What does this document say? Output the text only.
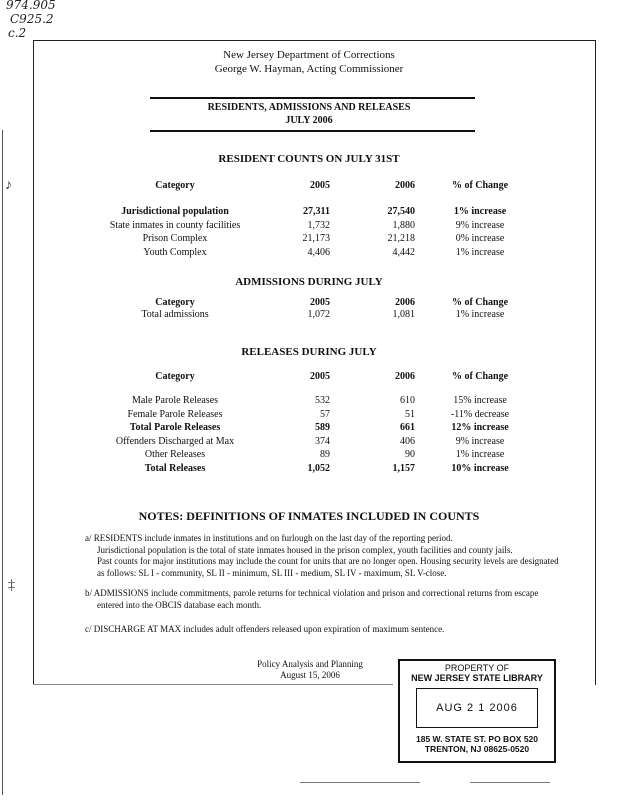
974.905
C925.2
c.2
♪
‡
New Jersey Department of Corrections
George W. Hayman, Acting Commissioner
RESIDENTS, ADMISSIONS AND RELEASES
JULY 2006
RESIDENT COUNTS ON JULY 31ST
Category	2005	2006	% of Change
Jurisdictional population	27,311	27,540	1% increase
State inmates in county facilities	1,732	1,880	9% increase
Prison Complex	21,173	21,218	0% increase
Youth Complex	4,406	4,442	1% increase
ADMISSIONS DURING JULY
Category	2005	2006	% of Change
Total admissions	1,072	1,081	1% increase
RELEASES DURING JULY
Category	2005	2006	% of Change
Male Parole Releases	532	610	15% increase
Female Parole Releases	57	51	-11% decrease
Total Parole Releases	589	661	12% increase
Offenders Discharged at Max	374	406	9% increase
Other Releases	89	90	1% increase
Total Releases	1,052	1,157	10% increase
NOTES: DEFINITIONS OF INMATES INCLUDED IN COUNTS
a/ RESIDENTS include inmates in institutions and on furlough on the last day of the reporting period.
Jurisdictional population is the total of state inmates housed in the prison complex, youth facilities and county jails.
Past counts for major institutions may include the count for units that are no longer open. Housing security levels are designated
as follows: SL I - community, SL II - minimum, SL III - medium, SL IV - maximum, SL V-close.
b/ ADMISSIONS include commitments, parole returns for technical violation and prison and correctional returns from escape
entered into the OBCIS database each month.
c/ DISCHARGE AT MAX includes adult offenders released upon expiration of maximum sentence.
Policy Analysis and Planning
August 15, 2006
PROPERTY OF
NEW JERSEY STATE LIBRARY
AUG 2 1 2006
185 W. STATE ST. PO BOX 520
TRENTON, NJ 08625-0520
